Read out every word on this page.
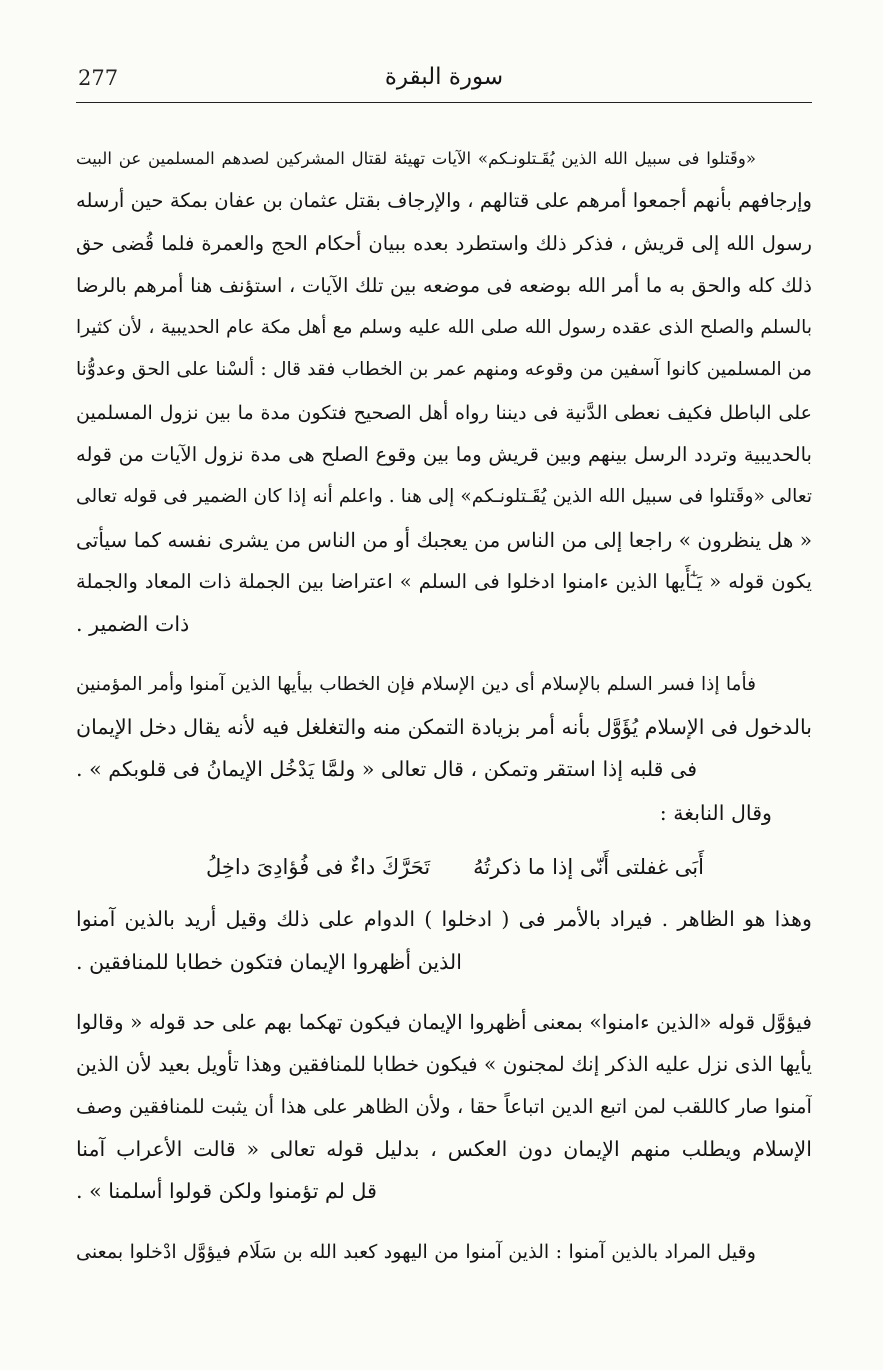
277	سورة البقرة
«وقَتلوا فى سبيل الله الذين يُقَـتلونـكم» الآيات تهيئة لقتال المشركين لصدهم المسلمين عن البيت
وإرجافهم بأنهم أجمعوا أمرهم على قتالهم ، والإرجاف بقتل عثمان بن عفان بمكة حين أرسله
رسول الله إلى قريش ، فذكر ذلك واستطرد بعده ببيان أحكام الحج والعمرة فلما قُضى حق
ذلك كله والحق به ما أمر الله بوضعه فى موضعه بين تلك الآيات ، استؤنف هنا أمرهم بالرضا
بالسلم والصلح الذى عقده رسول الله صلى الله عليه وسلم مع أهل مكة عام الحديبية ، لأن كثيرا
من المسلمين كانوا آسفين من وقوعه ومنهم عمر بن الخطاب فقد قال : ألسْنا على الحق وعدوُّنا
على الباطل فكيف نعطى الدَّنية فى ديننا رواه أهل الصحيح فتكون مدة ما بين نزول المسلمين
بالحديبية وتردد الرسل بينهم وبين قريش وما بين وقوع الصلح هى مدة نزول الآيات من قوله
تعالى «وقَتلوا فى سبيل الله الذين يُقَـتلونـكم» إلى هنا . واعلم أنه إذا كان الضمير فى قوله تعالى
« هل ينظرون » راجعا إلى من الناس من يعجبك أو من الناس من يشرى نفسه كما سيأتى
يكون قوله « يَـٰٓأَيها الذين ءامنوا ادخلوا فى السلم » اعتراضا بين الجملة ذات المعاد والجملة
ذات الضمير .
فأما إذا فسر السلم بالإسلام أى دين الإسلام فإن الخطاب بيأيها الذين آمنوا وأمر المؤمنين
بالدخول فى الإسلام يُؤَوَّل بأنه أمر بزيادة التمكن منه والتغلغل فيه لأنه يقال دخل الإيمان
فى قلبه إذا استقر وتمكن ، قال تعالى « ولمَّا يَدْخُل الإيمانُ فى قلوبكم » .
وقال النابغة :
أَبَى غفلتى أَنّى إذا ما ذكرتُهُ
تَحَرَّكَ داءٌ فى فُؤادِىَ داخِلُ
وهذا هو الظاهر . فيراد بالأمر فى ( ادخلوا ) الدوام على ذلك وقيل أريد بالذين آمنوا
الذين أظهروا الإيمان فتكون خطابا للمنافقين .
فيؤوَّل قوله «الذين ءامنوا» بمعنى أظهروا الإيمان فيكون تهكما بهم على حد قوله « وقالوا
يأيها الذى نزل عليه الذكر إنك لمجنون » فيكون خطابا للمنافقين وهذا تأويل بعيد لأن الذين
آمنوا صار كاللقب لمن اتبع الدين اتباعاً حقا ، ولأن الظاهر على هذا أن يثبت للمنافقين وصف
الإسلام ويطلب منهم الإيمان دون العكس ، بدليل قوله تعالى « قالت الأعراب آمنا
قل لم تؤمنوا ولكن قولوا أسلمنا » .
وقيل المراد بالذين آمنوا : الذين آمنوا من اليهود كعبد الله بن سَلَام فيؤوَّل ادْخلوا بمعنى
